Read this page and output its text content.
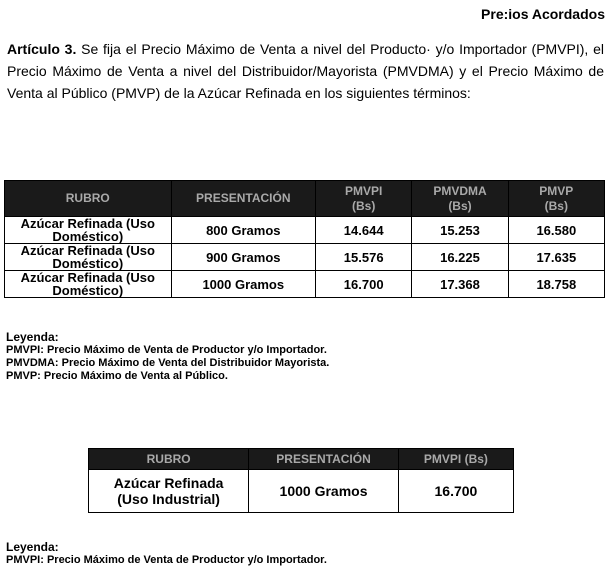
Pre:ios Acordados

Artículo 3. Se fija el Precio Máximo de Venta a nivel del Producto· y/o Importador (PMVPI), el Precio Máximo de Venta a nivel del Distribuidor/Mayorista (PMVDMA) y el Precio Máximo de Venta al Público (PMVP) de la Azúcar Refinada en los siguientes términos:

RUBRO	PRESENTACIÓN	PMVPI (Bs)	PMVDMA (Bs)	PMVP (Bs)
Azúcar Refinada (Uso Doméstico)	800 Gramos	14.644	15.253	16.580
Azúcar Refinada (Uso Doméstico)	900 Gramos	15.576	16.225	17.635
Azúcar Refinada (Uso Doméstico)	1000 Gramos	16.700	17.368	18.758
Leyenda:
PMVPI: Precio Máximo de Venta de Productor y/o Importador.
PMVDMA: Precio Máximo de Venta del Distribuidor Mayorista.
PMVP: Precio Máximo de Venta al Público.
RUBRO	PRESENTACIÓN	PMVPI (Bs)
Azúcar Refinada (Uso Industrial)	1000 Gramos	16.700
Leyenda:
PMVPI: Precio Máximo de Venta de Productor y/o Importador.
